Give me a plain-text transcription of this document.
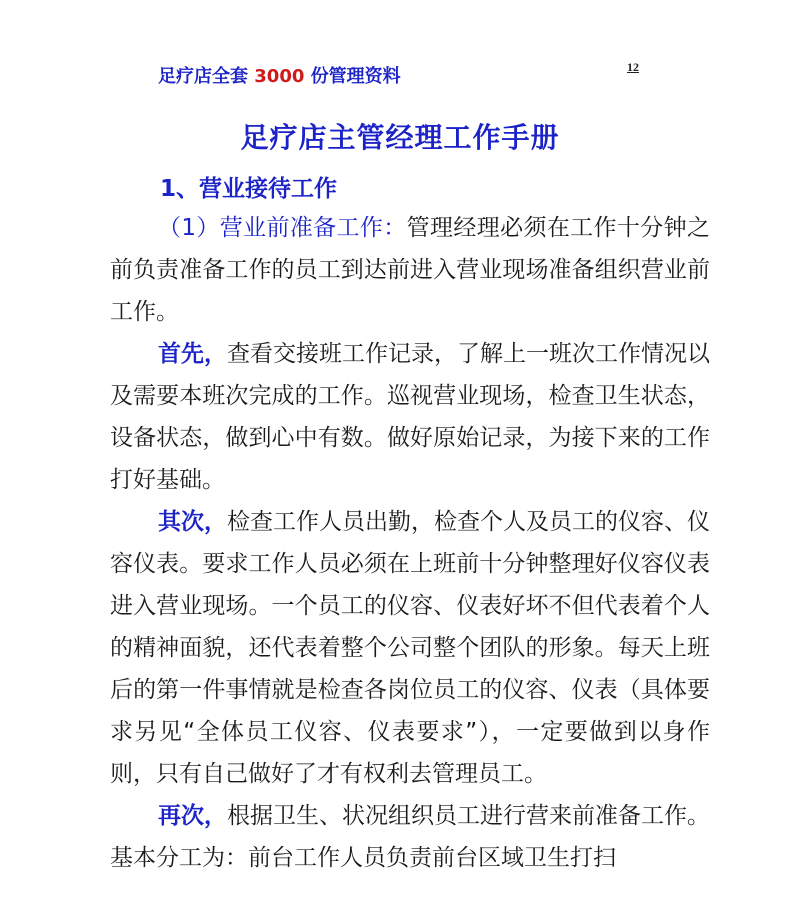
足疗店全套 3000 份管理资料	12
足疗店主管经理工作手册
1、营业接待工作

（1）营业前准备工作：管理经理必须在工作十分钟之前负责准备工作的员工到达前进入营业现场准备组织营业前工作。

首先，查看交接班工作记录，了解上一班次工作情况以及需要本班次完成的工作。巡视营业现场，检查卫生状态，设备状态，做到心中有数。做好原始记录，为接下来的工作打好基础。

其次，检查工作人员出勤，检查个人及员工的仪容、仪容仪表。要求工作人员必须在上班前十分钟整理好仪容仪表进入营业现场。一个员工的仪容、仪表好坏不但代表着个人的精神面貌，还代表着整个公司整个团队的形象。每天上班后的第一件事情就是检查各岗位员工的仪容、仪表（具体要求另见“全体员工仪容、仪表要求”），一定要做到以身作则，只有自己做好了才有权利去管理员工。

再次，根据卫生、状况组织员工进行营来前准备工作。基本分工为：前台工作人员负责前台区域卫生打扫
